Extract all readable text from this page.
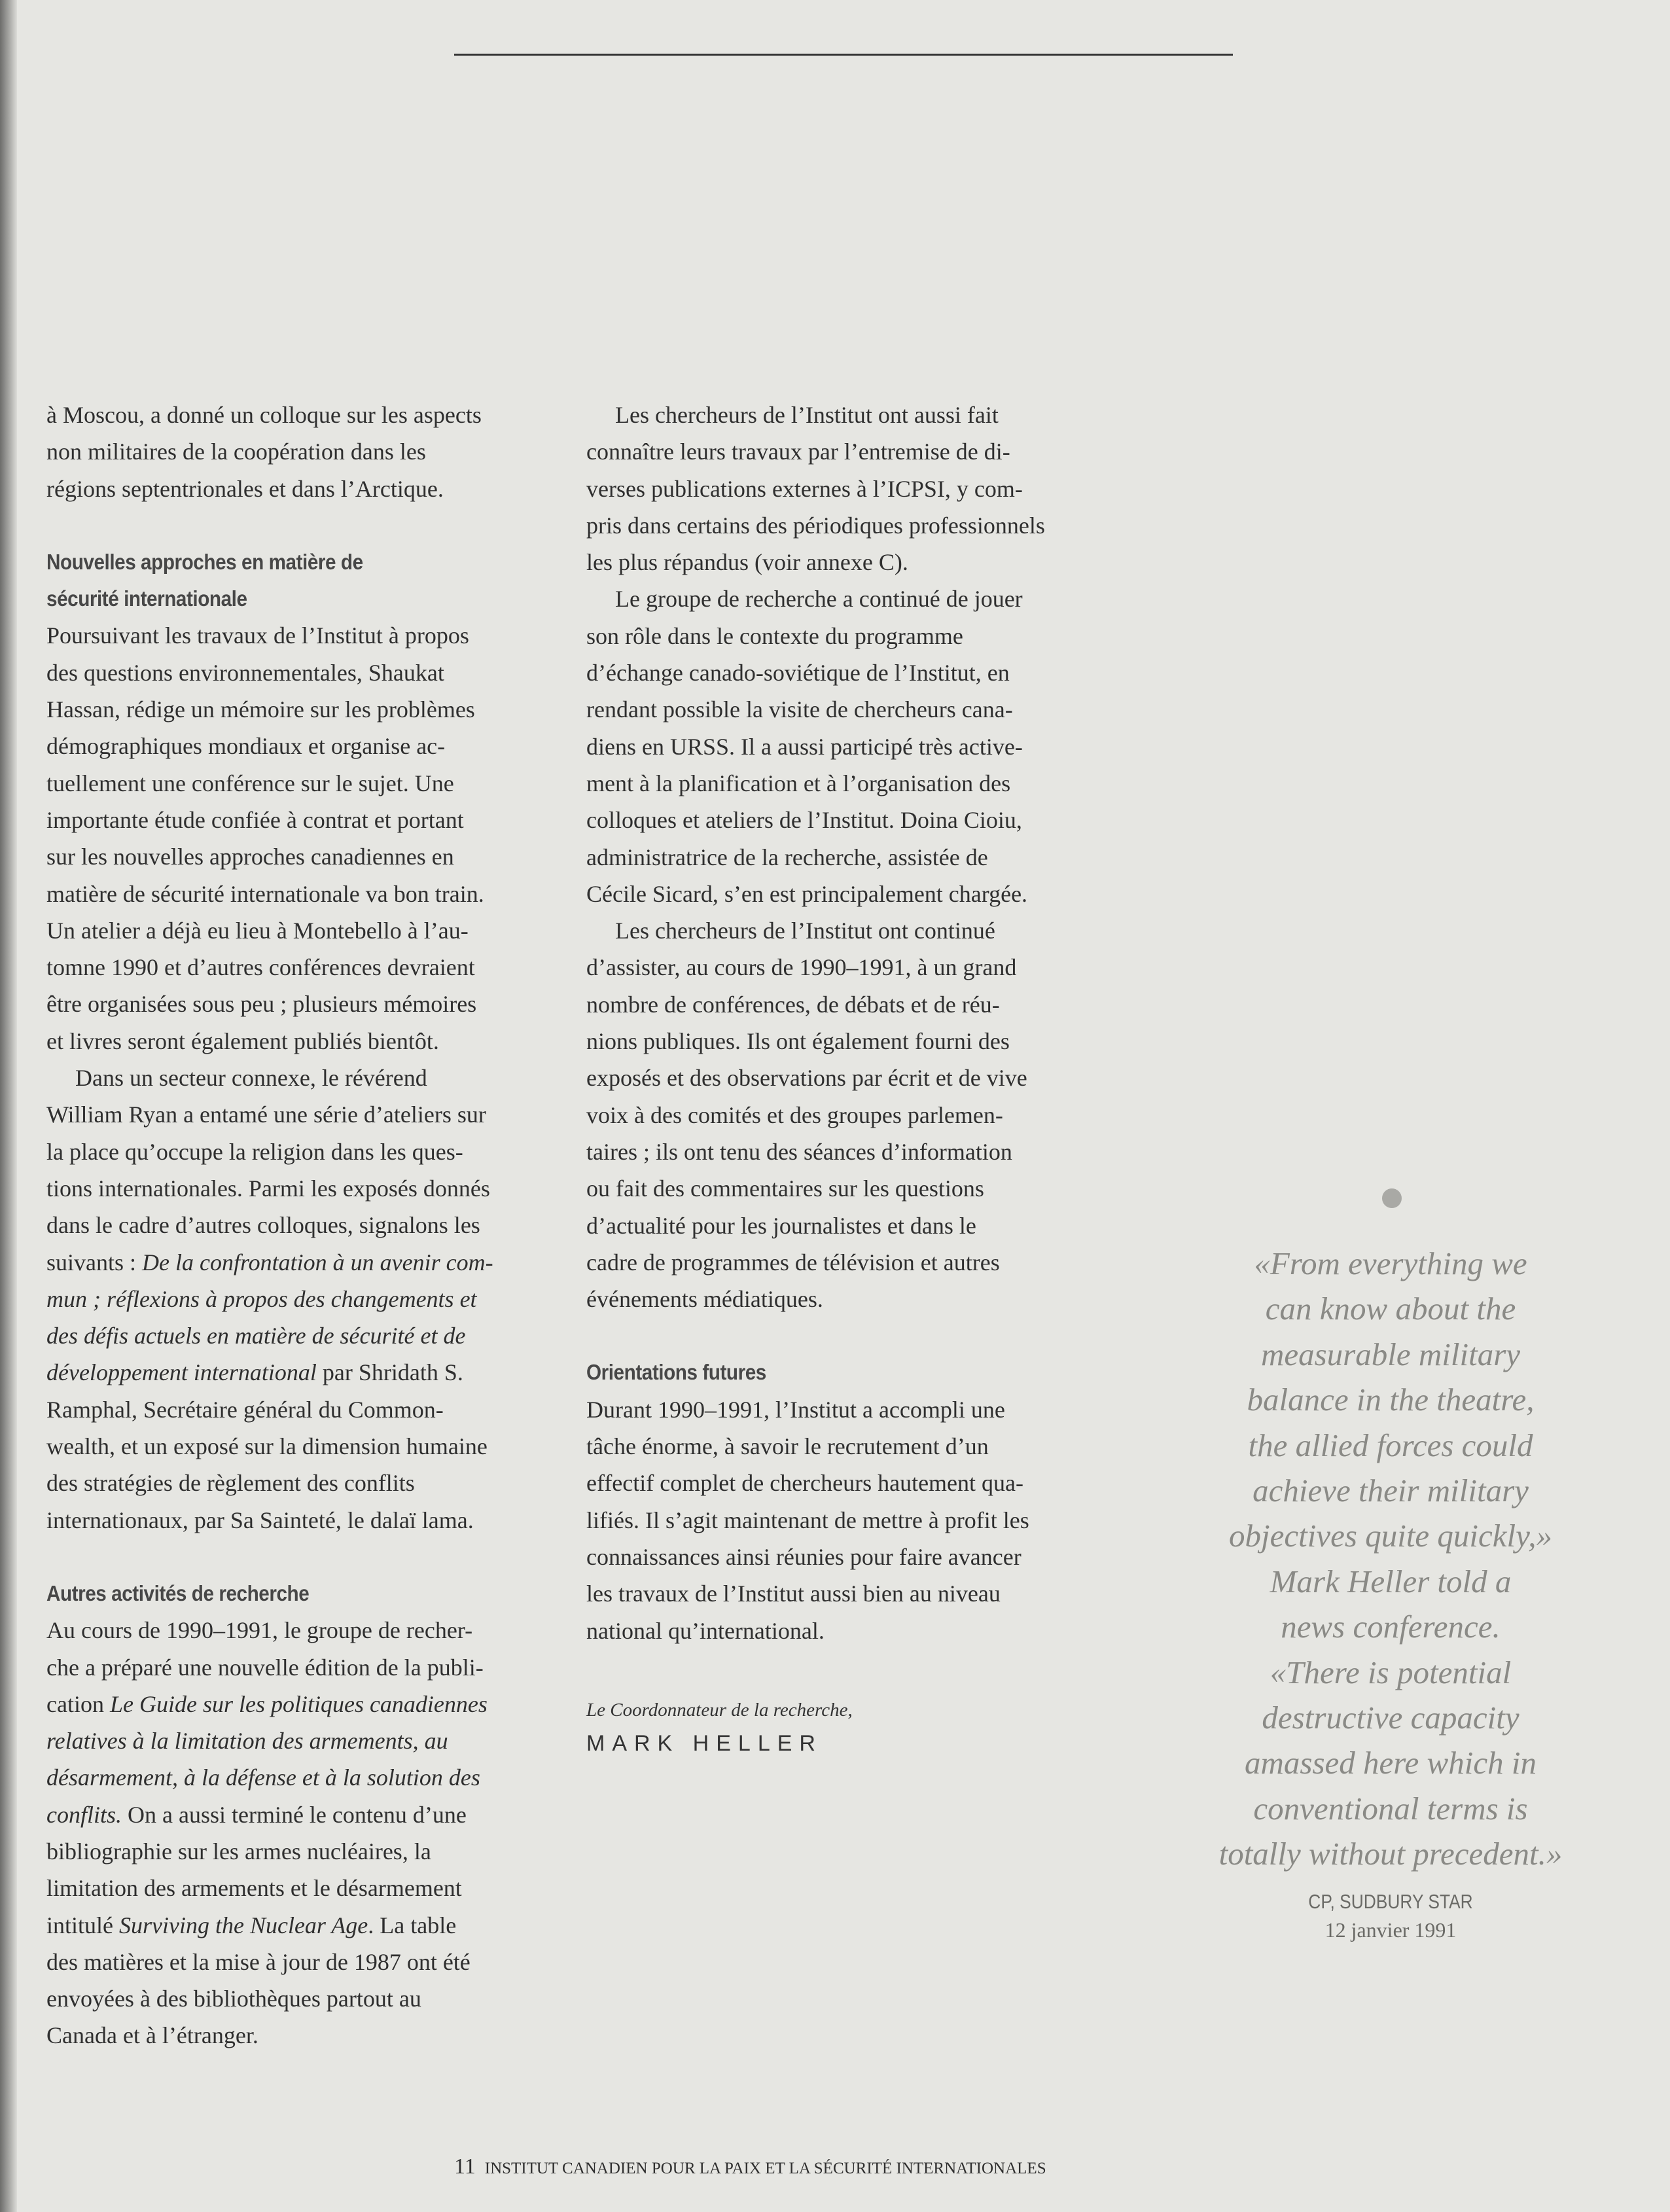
à Moscou, a donné un colloque sur les aspects
non militaires de la coopération dans les
régions septentrionales et dans l’Arctique.

Nouvelles approches en matière de
sécurité internationale

Poursuivant les travaux de l’Institut à propos
des questions environnementales, Shaukat
Hassan, rédige un mémoire sur les problèmes
démographiques mondiaux et organise ac-
tuellement une conférence sur le sujet. Une
importante étude confiée à contrat et portant
sur les nouvelles approches canadiennes en
matière de sécurité internationale va bon train.
Un atelier a déjà eu lieu à Montebello à l’au-
tomne 1990 et d’autres conférences devraient
être organisées sous peu ; plusieurs mémoires
et livres seront également publiés bientôt.

Dans un secteur connexe, le révérend
William Ryan a entamé une série d’ateliers sur
la place qu’occupe la religion dans les ques-
tions internationales. Parmi les exposés donnés
dans le cadre d’autres colloques, signalons les
suivants : De la confrontation à un avenir com-
mun ; réflexions à propos des changements et
des défis actuels en matière de sécurité et de
développement international par Shridath S.
Ramphal, Secrétaire général du Common-
wealth, et un exposé sur la dimension humaine
des stratégies de règlement des conflits
internationaux, par Sa Sainteté, le dalaï lama.

Autres activités de recherche

Au cours de 1990–1991, le groupe de recher-
che a préparé une nouvelle édition de la publi-
cation Le Guide sur les politiques canadiennes
relatives à la limitation des armements, au
désarmement, à la défense et à la solution des
conflits. On a aussi terminé le contenu d’une
bibliographie sur les armes nucléaires, la
limitation des armements et le désarmement
intitulé Surviving the Nuclear Age. La table
des matières et la mise à jour de 1987 ont été
envoyées à des bibliothèques partout au
Canada et à l’étranger.

Les chercheurs de l’Institut ont aussi fait
connaître leurs travaux par l’entremise de di-
verses publications externes à l’ICPSI, y com-
pris dans certains des périodiques professionnels
les plus répandus (voir annexe C).

Le groupe de recherche a continué de jouer
son rôle dans le contexte du programme
d’échange canado-soviétique de l’Institut, en
rendant possible la visite de chercheurs cana-
diens en URSS. Il a aussi participé très active-
ment à la planification et à l’organisation des
colloques et ateliers de l’Institut. Doina Cioiu,
administratrice de la recherche, assistée de
Cécile Sicard, s’en est principalement chargée.

Les chercheurs de l’Institut ont continué
d’assister, au cours de 1990–1991, à un grand
nombre de conférences, de débats et de réu-
nions publiques. Ils ont également fourni des
exposés et des observations par écrit et de vive
voix à des comités et des groupes parlemen-
taires ; ils ont tenu des séances d’information
ou fait des commentaires sur les questions
d’actualité pour les journalistes et dans le
cadre de programmes de télévision et autres
événements médiatiques.

Orientations futures

Durant 1990–1991, l’Institut a accompli une
tâche énorme, à savoir le recrutement d’un
effectif complet de chercheurs hautement qua-
lifiés. Il s’agit maintenant de mettre à profit les
connaissances ainsi réunies pour faire avancer
les travaux de l’Institut aussi bien au niveau
national qu’international.

Le Coordonnateur de la recherche,
MARK HELLER
«From everything we
can know about the
measurable military
balance in the theatre,
the allied forces could
achieve their military
objectives quite quickly,»
Mark Heller told a
news conference.
«There is potential
destructive capacity
amassed here which in
conventional terms is
totally without precedent.»
CP, SUDBURY STAR
12 janvier 1991
11 INSTITUT CANADIEN POUR LA PAIX ET LA SÉCURITÉ INTERNATIONALES
